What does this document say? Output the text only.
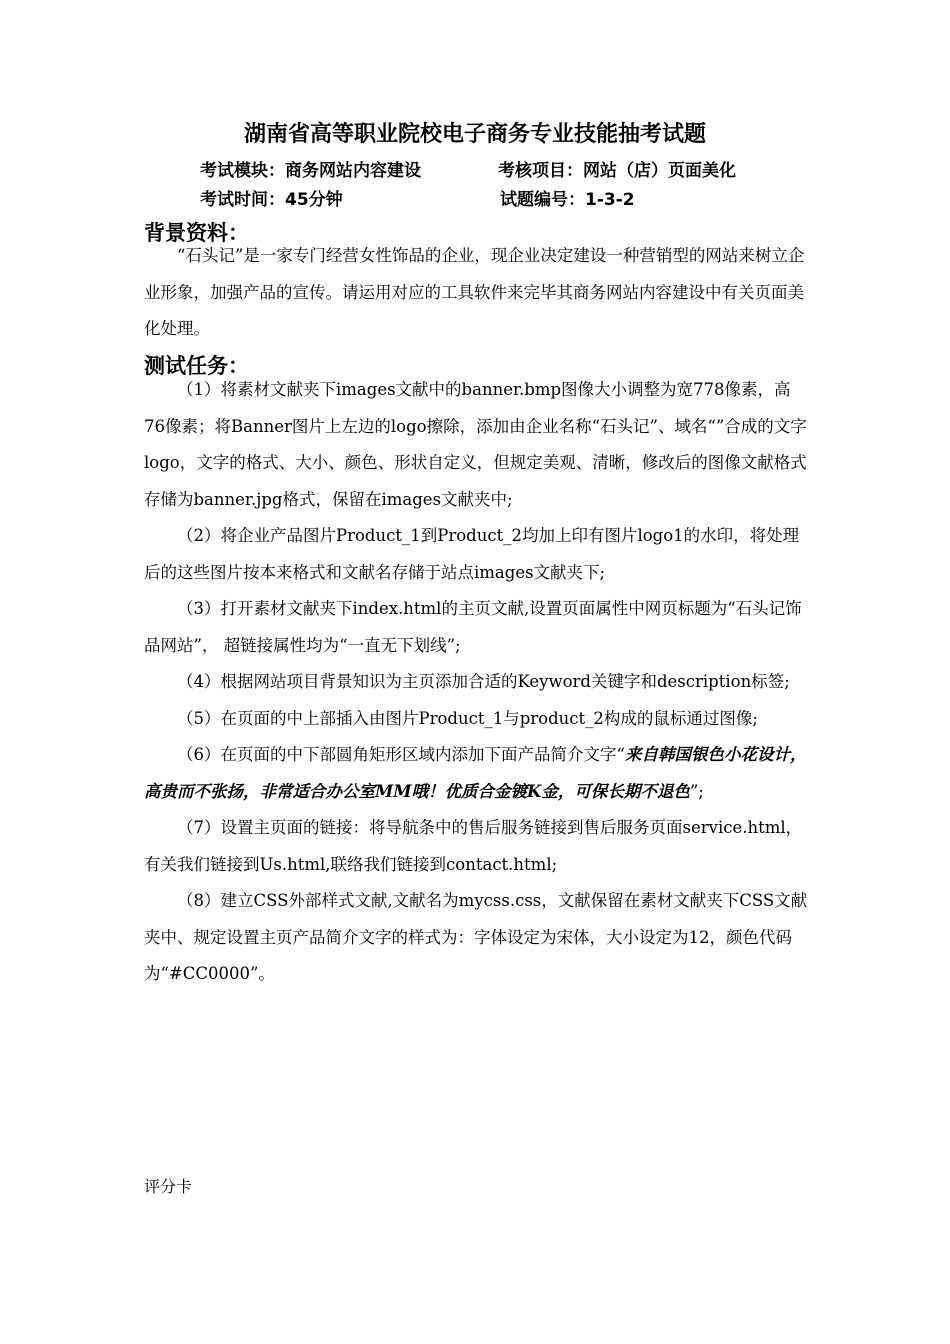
湖南省高等职业院校电子商务专业技能抽考试题
考试模块：商务网站内容建设	考核项目：网站（店）页面美化
考试时间：45分钟	试题编号：1-3-2
背景资料：

“石头记”是一家专门经营女性饰品的企业，现企业决定建设一种营销型的网站来树立企业形象，加强产品的宣传。请运用对应的工具软件来完毕其商务网站内容建设中有关页面美化处理。

测试任务：

（1）将素材文献夹下images文献中的banner.bmp图像大小调整为宽778像素，高76像素；将Banner图片上左边的logo擦除，添加由企业名称“石头记”、域名“”合成的文字logo，文字的格式、大小、颜色、形状自定义，但规定美观、清晰，修改后的图像文献格式存储为banner.jpg格式，保留在images文献夹中;

（2）将企业产品图片Product_1到Product_2均加上印有图片logo1的水印，将处理后的这些图片按本来格式和文献名存储于站点images文献夹下;

（3）打开素材文献夹下index.html的主页文献,设置页面属性中网页标题为“石头记饰品网站”， 超链接属性均为“一直无下划线”;

（4）根据网站项目背景知识为主页添加合适的Keyword关键字和description标签;

（5）在页面的中上部插入由图片Product_1与product_2构成的鼠标通过图像;

（6）在页面的中下部圆角矩形区域内添加下面产品简介文字“来自韩国银色小花设计，高贵而不张扬，非常适合办公室MM哦！优质合金镀K金，可保长期不退色”;

（7）设置主页面的链接：将导航条中的售后服务链接到售后服务页面service.html，有关我们链接到Us.html,联络我们链接到contact.html;

（8）建立CSS外部样式文献,文献名为mycss.css，文献保留在素材文献夹下CSS文献夹中、规定设置主页产品简介文字的样式为：字体设定为宋体，大小设定为12，颜色代码为“#CC0000”。

评分卡
